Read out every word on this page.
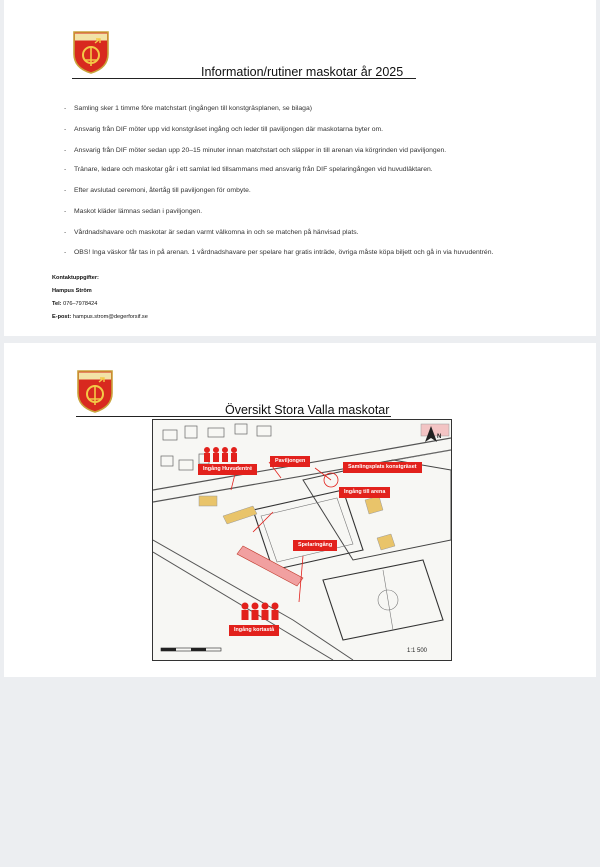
Information/rutiner maskotar år 2025
- Samling sker 1 timme före matchstart (ingången till konstgräsplanen, se bilaga)
- Ansvarig från DIF möter upp vid konstgräset ingång och leder till paviljongen där maskotarna byter om.
- Ansvarig från DIF möter sedan upp 20–15 minuter innan matchstart och släpper in till arenan via körgrinden vid paviljongen.
- Tränare, ledare och maskotar går i ett samlat led tillsammans med ansvarig från DIF spelaringången vid huvudläktaren.
- Efter avslutad ceremoni, återtåg till paviljongen för ombyte.
- Maskot kläder lämnas sedan i paviljongen.
- Vårdnadshavare och maskotar är sedan varmt välkomna in och se matchen på hänvisad plats.
- OBS! Inga väskor får tas in på arenan. 1 vårdnadshavare per spelare har gratis inträde, övriga måste köpa biljett och gå in via huvudentrén.
Kontaktuppgifter:
Hampus Ström
Tel: 076–7978424
E-post: hampus.strom@degerforsif.se
Översikt Stora Valla maskotar
Paviljongen
Ingång Huvudentré	Samlingsplats konstgräset
Ingång till arena
Spelaringång
Ingång kortastå
1:1 500
N
